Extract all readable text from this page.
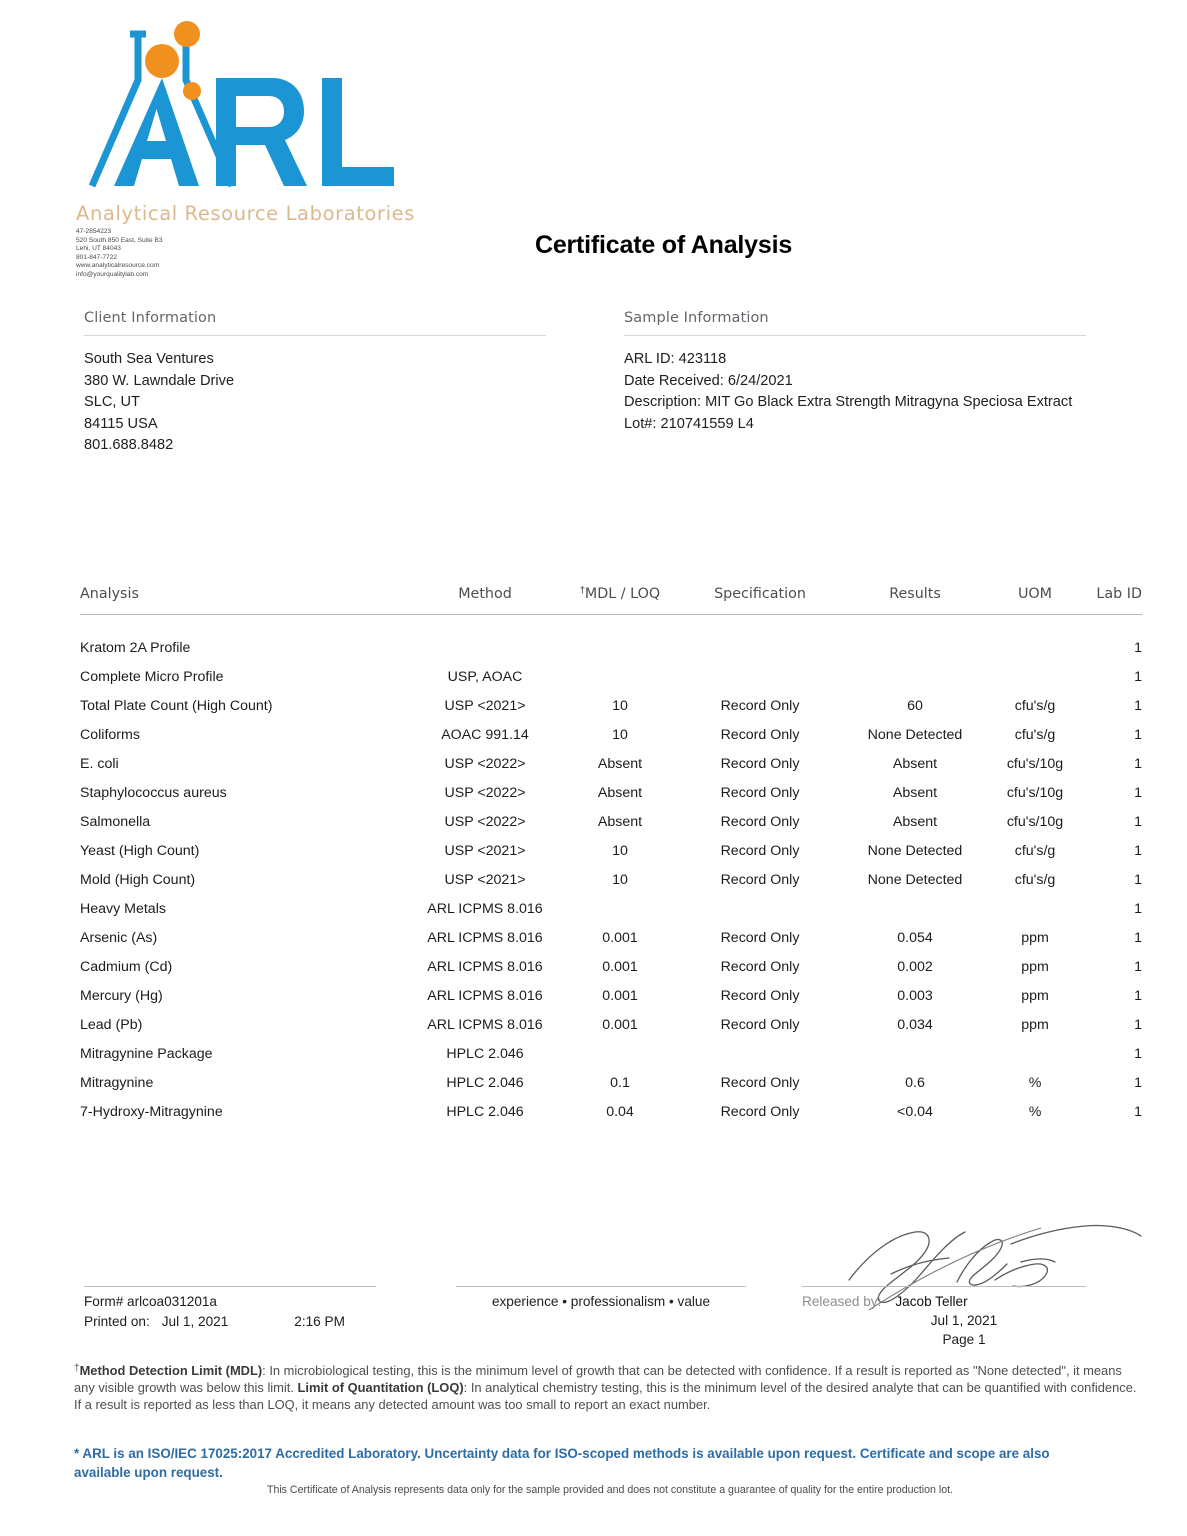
Analytical Resource Laboratories
47-2854223
520 South 850 East, Suite B3
Lehi, UT 84043
801-847-7722
www.analyticalresource.com
info@yourqualitylab.com
Certificate of Analysis
Client Information
South Sea Ventures
380 W. Lawndale Drive
SLC, UT
84115 USA
801.688.8482
Sample Information
ARL ID: 423118
Date Received: 6/24/2021
Description: MIT Go Black Extra Strength Mitragyna Speciosa Extract
Lot#: 210741559 L4
Analysis	Method	†MDL / LOQ	Specification	Results	UOM	Lab ID
Kratom 2A Profile						1
Complete Micro Profile	USP, AOAC					1
Total Plate Count (High Count)	USP <2021>	10	Record Only	60	cfu's/g	1
Coliforms	AOAC 991.14	10	Record Only	None Detected	cfu's/g	1
E. coli	USP <2022>	Absent	Record Only	Absent	cfu's/10g	1
Staphylococcus aureus	USP <2022>	Absent	Record Only	Absent	cfu's/10g	1
Salmonella	USP <2022>	Absent	Record Only	Absent	cfu's/10g	1
Yeast (High Count)	USP <2021>	10	Record Only	None Detected	cfu's/g	1
Mold (High Count)	USP <2021>	10	Record Only	None Detected	cfu's/g	1
Heavy Metals	ARL ICPMS 8.016					1
Arsenic (As)	ARL ICPMS 8.016	0.001	Record Only	0.054	ppm	1
Cadmium (Cd)	ARL ICPMS 8.016	0.001	Record Only	0.002	ppm	1
Mercury (Hg)	ARL ICPMS 8.016	0.001	Record Only	0.003	ppm	1
Lead (Pb)	ARL ICPMS 8.016	0.001	Record Only	0.034	ppm	1
Mitragynine Package	HPLC 2.046					1
Mitragynine	HPLC 2.046	0.1	Record Only	0.6	%	1
7-Hydroxy-Mitragynine	HPLC 2.046	0.04	Record Only	<0.04	%	1
Form# arlcoa031201a
Printed on: Jul 1, 2021	2:16 PM
experience • professionalism • value	Released by: Jacob Teller
Jul 1, 2021
Page 1
†Method Detection Limit (MDL): In microbiological testing, this is the minimum level of growth that can be detected with confidence. If a result is reported as "None detected", it means any visible growth was below this limit. Limit of Quantitation (LOQ): In analytical chemistry testing, this is the minimum level of the desired analyte that can be quantified with confidence. If a result is reported as less than LOQ, it means any detected amount was too small to report an exact number.
* ARL is an ISO/IEC 17025:2017 Accredited Laboratory. Uncertainty data for ISO-scoped methods is available upon request. Certificate and scope are also available upon request.
This Certificate of Analysis represents data only for the sample provided and does not constitute a guarantee of quality for the entire production lot.
